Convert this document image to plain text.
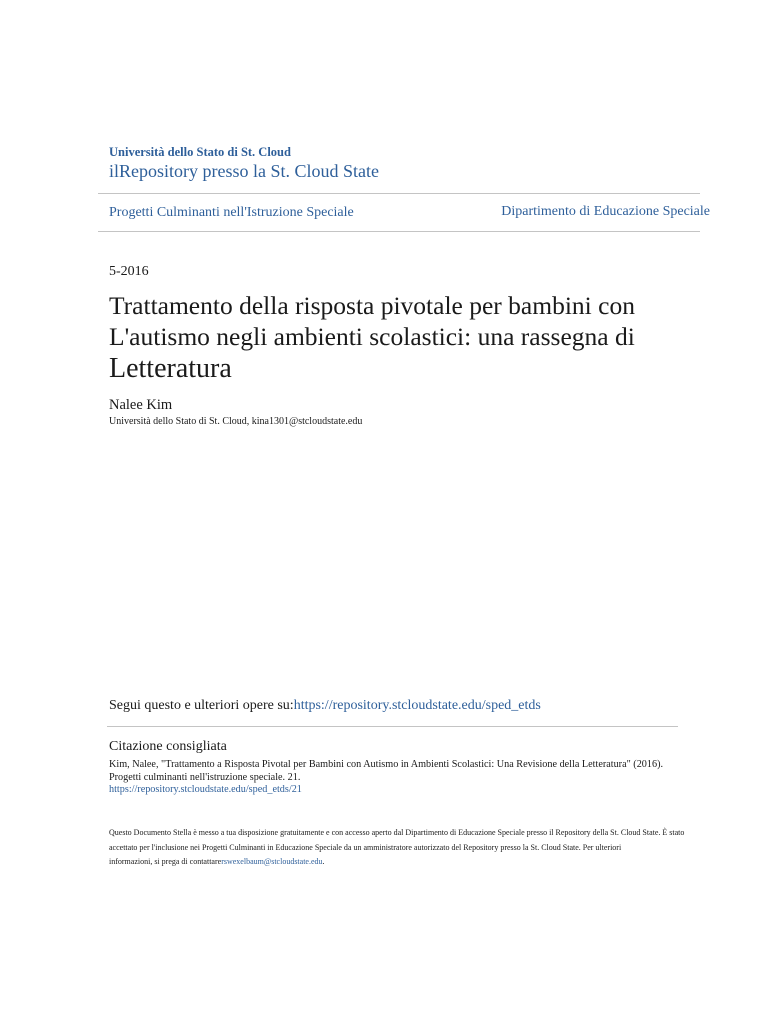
Università dello Stato di St. Cloud
ilRepository presso la St. Cloud State
Progetti Culminanti nell'Istruzione Speciale	Dipartimento di Educazione Speciale
5-2016
Trattamento della risposta pivotale per bambini con
L'autismo negli ambienti scolastici: una rassegna di
Letteratura
Nalee Kim
Università dello Stato di St. Cloud, kina1301@stcloudstate.edu
Segui questo e ulteriori opere su:https://repository.stcloudstate.edu/sped_etds
Citazione consigliata
Kim, Nalee, "Trattamento a Risposta Pivotal per Bambini con Autismo in Ambienti Scolastici: Una Revisione della Letteratura" (2016).
Progetti culminanti nell'istruzione speciale. 21.
https://repository.stcloudstate.edu/sped_etds/21
Questo Documento Stella è messo a tua disposizione gratuitamente e con accesso aperto dal Dipartimento di Educazione Speciale presso il Repository della St. Cloud State. È stato
accettato per l'inclusione nei Progetti Culminanti in Educazione Speciale da un amministratore autorizzato del Repository presso la St. Cloud State. Per ulteriori
informazioni, si prega di contattarerswexelbaum@stcloudstate.edu.
